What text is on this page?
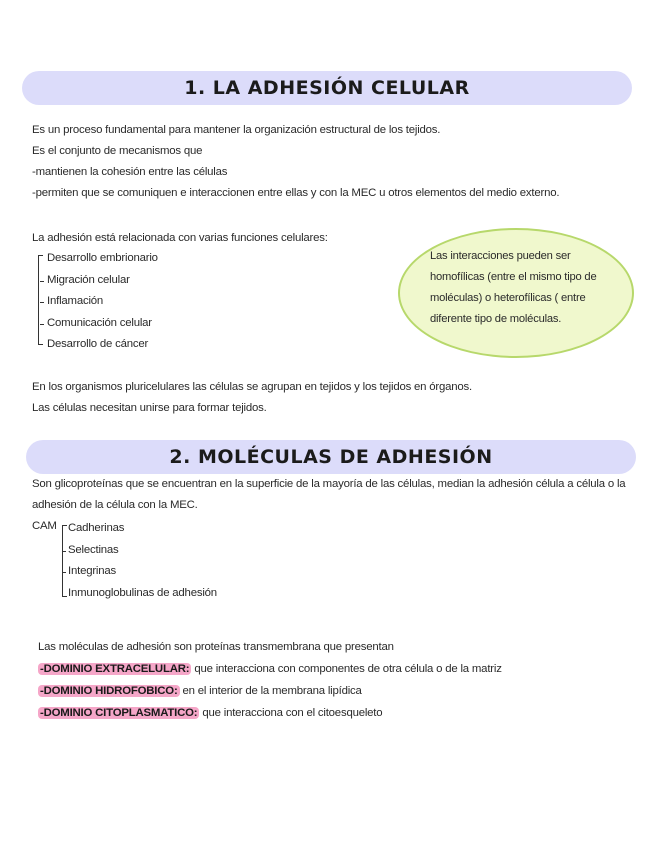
1. LA ADHESIÓN CELULAR
Es un proceso fundamental para mantener la organización estructural de los tejidos.
Es el conjunto de mecanismos que
-mantienen la cohesión entre las células
-permiten que se comuniquen e interaccionen entre ellas y con la MEC u otros elementos del medio externo.
La adhesión está relacionada con varias funciones celulares:
Desarrollo embrionario
Migración celular
Inflamación
Comunicación celular
Desarrollo de cáncer
Las interacciones pueden ser homofílicas (entre el mismo tipo de moléculas) o heterofílicas ( entre diferente tipo de moléculas.
En los organismos pluricelulares las células se agrupan en tejidos y los tejidos en órganos.
Las células necesitan unirse para formar tejidos.
2. MOLÉCULAS DE ADHESIÓN
Son glicoproteínas que se encuentran en la superficie de la mayoría de las células, median la adhesión célula a célula o la
adhesión de la célula con la MEC.
CAM Cadherinas
Selectinas
Integrinas
Inmunoglobulinas de adhesión
Las moléculas de adhesión son proteínas transmembrana que presentan
-DOMINIO EXTRACELULAR: que interacciona con componentes de otra célula o de la matriz
-DOMINIO HIDROFOBICO: en el interior de la membrana lipídica
-DOMINIO CITOPLASMATICO: que interacciona con el citoesqueleto
